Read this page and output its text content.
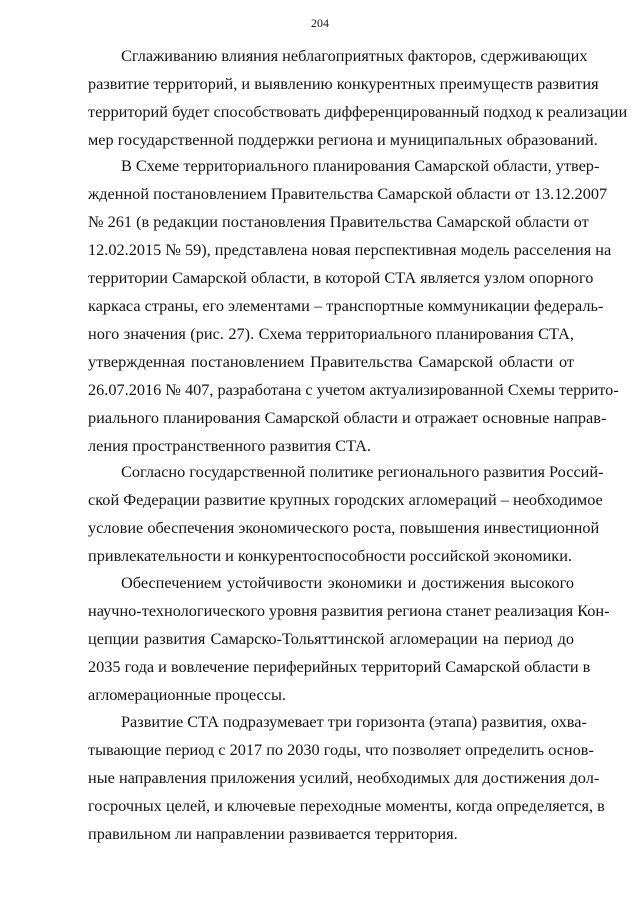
204
Сглаживанию влияния неблагоприятных факторов, сдерживающих
развитие территорий, и выявлению конкурентных преимуществ развития
территорий будет способствовать дифференцированный подход к реализации
мер государственной поддержки региона и муниципальных образований.
В Схеме территориального планирования Самарской области, утвер-
жденной постановлением Правительства Самарской области от 13.12.2007
№ 261 (в редакции постановления Правительства Самарской области от
12.02.2015 № 59), представлена новая перспективная модель расселения на
территории Самарской области, в которой СТА является узлом опорного
каркаса страны, его элементами – транспортные коммуникации федераль-
ного значения (рис. 27). Схема территориального планирования СТА,
утвержденная постановлением Правительства Самарской области от
26.07.2016 № 407, разработана с учетом актуализированной Схемы террито-
риального планирования Самарской области и отражает основные направ-
ления пространственного развития СТА.
Согласно государственной политике регионального развития Россий-
ской Федерации развитие крупных городских агломераций – необходимое
условие обеспечения экономического роста, повышения инвестиционной
привлекательности и конкурентоспособности российской экономики.
Обеспечением устойчивости экономики и достижения высокого
научно-технологического уровня развития региона станет реализация Кон-
цепции развития Самарско-Тольяттинской агломерации на период до
2035 года и вовлечение периферийных территорий Самарской области в
агломерационные процессы.
Развитие СТА подразумевает три горизонта (этапа) развития, охва-
тывающие период с 2017 по 2030 годы, что позволяет определить основ-
ные направления приложения усилий, необходимых для достижения дол-
госрочных целей, и ключевые переходные моменты, когда определяется, в
правильном ли направлении развивается территория.
